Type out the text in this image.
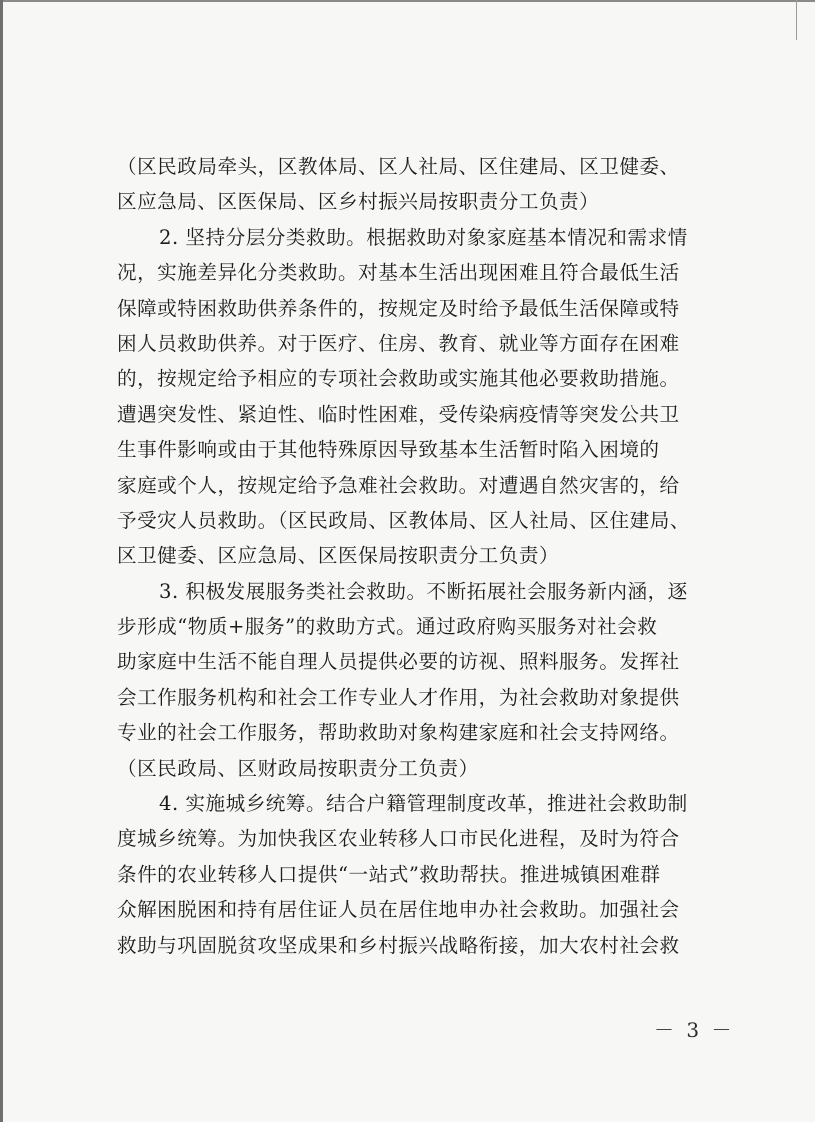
（区民政局牵头，区教体局、区人社局、区住建局、区卫健委、
区应急局、区医保局、区乡村振兴局按职责分工负责）
2. 坚持分层分类救助。根据救助对象家庭基本情况和需求情
况，实施差异化分类救助。对基本生活出现困难且符合最低生活
保障或特困救助供养条件的，按规定及时给予最低生活保障或特
困人员救助供养。对于医疗、住房、教育、就业等方面存在困难
的，按规定给予相应的专项社会救助或实施其他必要救助措施。
遭遇突发性、紧迫性、临时性困难，受传染病疫情等突发公共卫
生事件影响或由于其他特殊原因导致基本生活暂时陷入困境的
家庭或个人，按规定给予急难社会救助。对遭遇自然灾害的，给
予受灾人员救助。（区民政局、区教体局、区人社局、区住建局、
区卫健委、区应急局、区医保局按职责分工负责）
3. 积极发展服务类社会救助。不断拓展社会服务新内涵，逐
步形成“物质+服务”的救助方式。通过政府购买服务对社会救
助家庭中生活不能自理人员提供必要的访视、照料服务。发挥社
会工作服务机构和社会工作专业人才作用，为社会救助对象提供
专业的社会工作服务，帮助救助对象构建家庭和社会支持网络。
（区民政局、区财政局按职责分工负责）
4. 实施城乡统筹。结合户籍管理制度改革，推进社会救助制
度城乡统筹。为加快我区农业转移人口市民化进程，及时为符合
条件的农业转移人口提供“一站式”救助帮扶。推进城镇困难群
众解困脱困和持有居住证人员在居住地申办社会救助。加强社会
救助与巩固脱贫攻坚成果和乡村振兴战略衔接，加大农村社会救
－ 3 －
